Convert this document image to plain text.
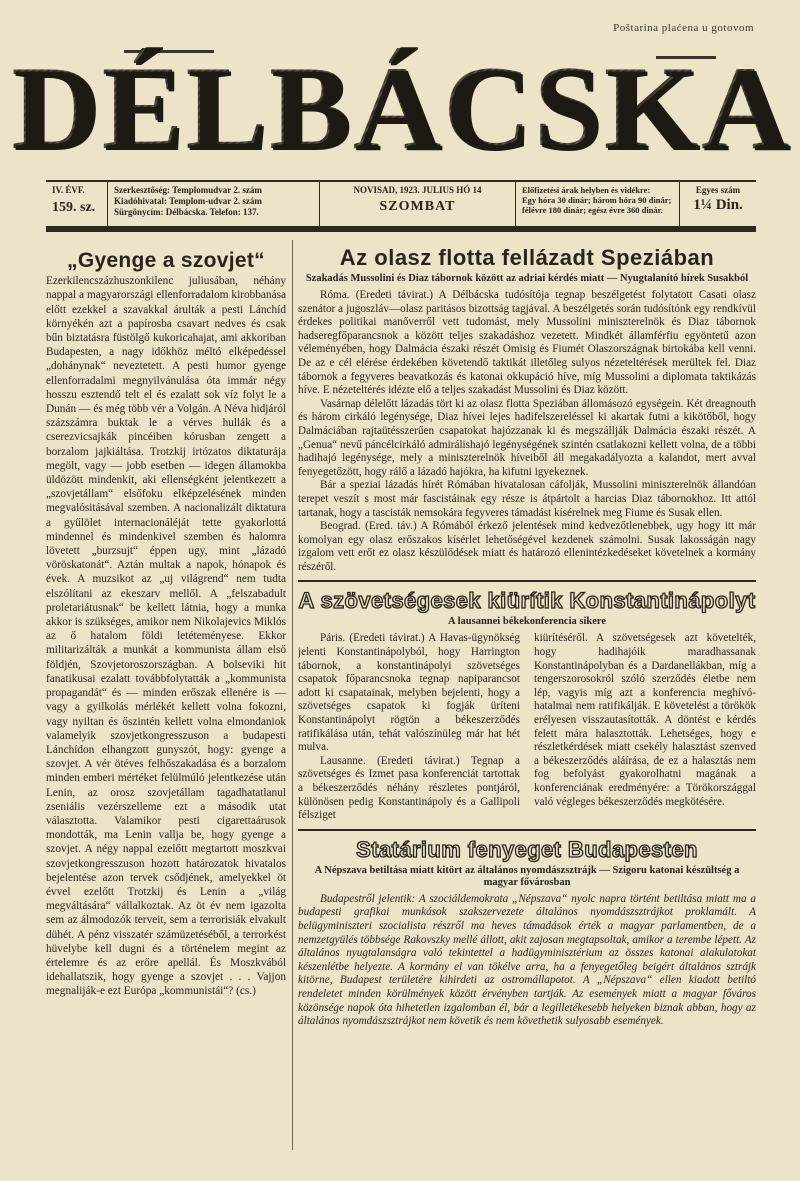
Poštarina plaćena u gotovom
DÉLBÁCSKA
IV. ÉVF.
159. sz.
Szerkesztőség: Templomudvar 2. szám
Kiadóhivatal: Templom-udvar 2. szám
Sürgönycím: Délbácska. Telefon: 137.
NOVISAD, 1923. JULIUS HÓ 14
SZOMBAT
Előfizetési árak helyben és vidékre:
Egy hóra 30 dinár; három hóra 90 dinár;
félévre 180 dinár; egész évre 360 dinár.
Egyes szám
1¼ Din.
„Gyenge a szovjet“
Ezerkilencszázhuszonkilenc juliusában, néhány nappal a magyarországi ellenforradalom kirobbanása előtt ezekkel a szavakkal árulták a pesti Lánchíd környékén azt a papírosba csavart nedves és csak bűn biztatásra füstölgő kukoricahajat, ami akkoriban Budapesten, a nagy időkhöz méltó elképedéssel „dohánynak“ neveztetett. A pesti humor gyenge ellenforradalmi megnyilvánulása óta immár négy hosszu esztendő telt el és ezalatt sok víz folyt le a Dunán — és még több vér a Volgán. A Néva hidjáról százszámra buktak le a vérves hullák és a cserezvicsajkák pincéiben kórusban zengett a borzalom jajkiáltása. Trotzkij irtózatos diktaturája megölt, vagy — jobb esetben — idegen államokba üldözött mindenkit, aki ellenségként jelentkezett a „szovjetállam“ elsőfoku elképzelésének minden megvalósitásával szemben. A nacionalizált diktatura a gyűlölet internacionáléját tette gyakorlottá mindennel és mindenkivel szemben és halomra lövetett „burzsujt“ éppen ugy, mint „lázadó vöröskatonát“. Aztán multak a napok, hónapok és évek. A muzsikot az „uj világrend“ nem tudta elszólítani az ekeszarv mellől. A „felszabadult proletariátusnak“ be kellett látnia, hogy a munka akkor is szükséges, amikor nem Nikolajevics Miklós az ő hatalom földi letéteményese. Ekkor militarizálták a munkát a kommunista állam első földjén, Szovjetoroszországban. A bolseviki hit fanatikusai ezalatt továbbfolytatták a „kommunista propagandát“ és — minden erőszak ellenére is — vagy a gyilkolás mérlékét kellett volna fokozni, vagy nyiltan és őszintén kellett volna elmondaniok valamelyik szovjetkongresszuson a budapesti Lánchídon elhangzott gunyszót, hogy: gyenge a szovjet. A vér ötéves felhőszakadása és a borzalom minden emberi mértéket felülmúló jelentkezése után Lenin, az orosz szovjetállam tagadhatatlanul zseniális vezérszelleme ezt a második utat választotta. Valamikor pesti cigarettaárusok mondották, ma Lenin vallja be, hogy gyenge a szovjet. A négy nappal ezelőtt megtartott moszkvai szovjetkongresszuson hozott határozatok hivatalos bejelentése azon tervek csődjének, amelyekkel öt évvel ezelőtt Trotzkij és Lenin a „világ megváltására“ vállalkoztak. Az öt év nem igazolta sem az álmodozók terveit, sem a terrorisiák elvakult dühét. A pénz visszatér számüzetéséből, a terrorkést hüvelybe kell dugni és a történelem megint az értelemre és az erőre apellál. És Moszkvából idehallatszik, hogy gyenge a szovjet . . . Vajjon megnaliják-e ezt Európa „kommunistái“? (cs.)
Az olasz flotta fellázadt Speziában
Szakadás Mussolini és Diaz tábornok között az adriai kérdés miatt — Nyugtalanító hírek Susakból

Róma. (Eredeti távirat.) A Délbácska tudósítója tegnap beszélgetést folytatott Casati olasz szenátor a jugoszláv—olasz paritásos bizottság tagjával. A beszélgetés során tudósítónk egy rendkívül érdekes politikai manőverről vett tudomást, mely Mussolini miniszterelnök és Diaz tábornok hadseregfőparancsnok a között teljes szakadáshoz vezetett. Mindkét államférfiu egyöntetű azon véleményében, hogy Dalmácia északi részét Omisig és Fiumét Olaszországnak birtokába kell venni. De az e cél elérése érdekében követendő taktikát illetőleg sulyos nézeteltérések merültek fel. Diaz tábornok a fegyveres beavatkozás és katonai okkupáció híve, míg Mussolini a diplomata taktikázás híve. E nézeteltérés idézte elő a teljes szakadást Mussolini és Diaz között.

Vasárnap délelőtt lázadás tört ki az olasz flotta Speziában állomásozó egységein. Két dreagnouth és három cirkáló legénysége, Diaz hívei lejes hadifelszereléssel ki akartak futni a kikötőből, hogy Dalmáciában rajtaütésszerűen csapatokat hajózzanak ki és megszállják Dalmácia északi részét. A „Genua“ nevű páncélcirkáló admirálishajó legénységének szintén csatlakozni kellett volna, de a többi hadihajó legénysége, mely a miniszterelnök híveiből áll megakadályozta a kalandot, mert avval fenyegetőzött, hogy rálő a lázadó hajókra, ha kifutni igyekeznek.

Bár a speziai lázadás hírét Rómában hivatalosan cáfolják, Mussolini miniszterelnök állandóan terepet veszít s most már fascistáinak egy része is átpártolt a harcias Diaz tábornokhoz. Itt attól tartanak, hogy a tascisták nemsokára fegyveres támadást kísérelnek meg Fiume és Susak ellen.

Beograd. (Ered. táv.) A Rómából érkező jelentések mind kedvezőtlenebbek, ugy hogy itt már komolyan egy olasz erőszakos kísérlet lehetőségével kezdenek számolni. Susak lakosságán nagy izgalom vett erőt ez olasz készülődések miatt és határozó ellenintézkedéseket követelnek a kormány részéről.

A szövetségesek kiürítik Konstantinápolyt
A lausannei békekonferencia sikere

Páris. (Eredeti távirat.) A Havas-ügynökség jelenti Konstantinápolyból, hogy Harrington tábornok, a konstantinápolyi szövetséges csapatok főparancsnoka tegnap napiparancsot adott ki csapatainak, melyben bejelenti, hogy a szövetséges csapatok ki fogják üríteni Konstantinápolyt rögtön a békeszerződés ratifikálása után, tehát valószínüleg már hat hét mulva.

Lausanne. (Eredeti távirat.) Tegnap a szövetséges és Izmet pasa konferenciát tartottak a békeszerződés néhány részletes pontjáról, különösen pedig Konstantinápoly és a Gallipoli félsziget

kiürítéséről. A szövetségesek azt követelték, hogy hadihajóik maradhassanak Konstantinápolyban és a Dardanellákban, míg a tengerszorosokról szóló szerződés életbe nem lép, vagyis míg azt a konferencia meghívó-hatalmai nem ratifikálják. E követelést a törökök erélyesen visszautasították. A döntést e kérdés felett mára halasztották. Lehetséges, hogy e részletkérdések miatt csekély halasztást szenved a békeszerződés aláírása, de ez a halasztás nem fog befolyást gyakorolhatni magának a konferenciának eredményére: a Törökországgal való végleges békeszerződés megkötésére.

Statárium fenyeget Budapesten
A Népszava betiltása miatt kitört az általános nyomdászsztrájk — Szigoru katonai készültség a magyar fővárosban

Budapestről jelentik: A szociáldemokrata „Népszava“ nyolc napra történt betiltása miatt ma a budapesti grafikai munkások szakszervezete általános nyomdászsztrájkot proklamált. A belügyminiszteri szocialista részről ma heves támadások érték a magyar parlamentben, de a nemzetgyülés többsége Rakovszky mellé állott, akit zajosan megtapsoltak, amikor a terembe lépett. Az általános nyugtalanságra való tekintettel a hadügyminisztérium az összes katonai alakulatokat készenlétbe helyezte. A kormány el van tökélve arra, ha a fenyegetőleg beigért általános sztrájk kitörne, Budapest területére kihirdeti az ostromállapotot. A „Népszava“ ellen kiadott betiltó rendeletet minden körülmények között érvényben tartják. Az események miatt a magyar főváros közönsége napok óta hihetetlen izgalomban él, bár a legilletékesebb helyeken biznak abban, hogy az általános nyomdászsztrájkot nem követik és nem követhetik sulyosabb események.
